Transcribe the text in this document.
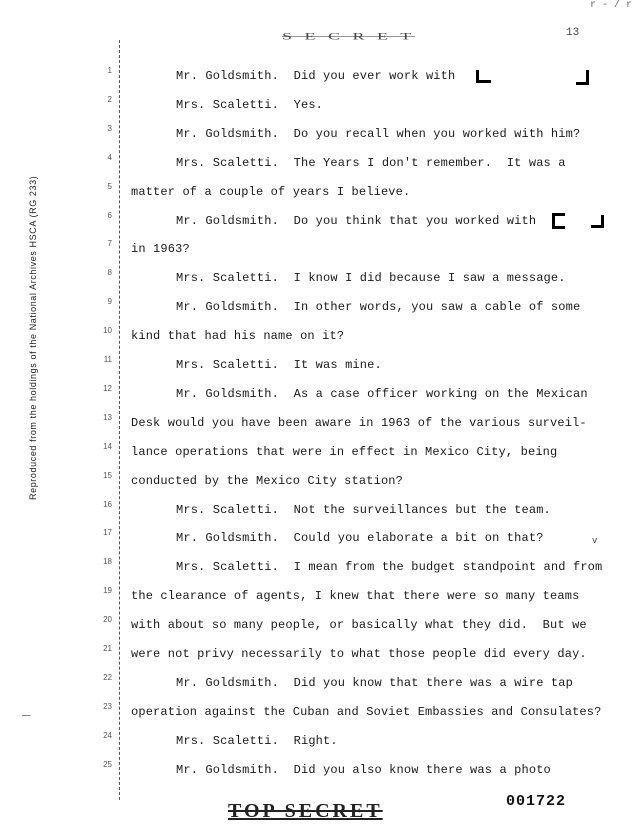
r - / r
S E C R E T	13
Reproduced from the holdings of the National Archives HSCA (RG 233)
—
1
2
3
4
5
6
7
8
9
10
11
12
13
14
15
16
17
18
19
20
21
22
23
24
25
Mr. Goldsmith.  Did you ever work with
Mrs. Scaletti.  Yes.
Mr. Goldsmith.  Do you recall when you worked with him?
Mrs. Scaletti.  The Years I don't remember.  It was a
matter of a couple of years I believe.
Mr. Goldsmith.  Do you think that you worked with
in 1963?
Mrs. Scaletti.  I know I did because I saw a message.
Mr. Goldsmith.  In other words, you saw a cable of some
kind that had his name on it?
Mrs. Scaletti.  It was mine.
Mr. Goldsmith.  As a case officer working on the Mexican
Desk would you have been aware in 1963 of the various surveil-
lance operations that were in effect in Mexico City, being
conducted by the Mexico City station?
Mrs. Scaletti.  Not the surveillances but the team.
Mr. Goldsmith.  Could you elaborate a bit on that?
Mrs. Scaletti.  I mean from the budget standpoint and from
the clearance of agents, I knew that there were so many teams
with about so many people, or basically what they did.  But we
were not privy necessarily to what those people did every day.
Mr. Goldsmith.  Did you know that there was a wire tap
operation against the Cuban and Soviet Embassies and Consulates?
Mrs. Scaletti.  Right.
Mr. Goldsmith.  Did you also know there was a photo
v
TOP SECRET	001722
